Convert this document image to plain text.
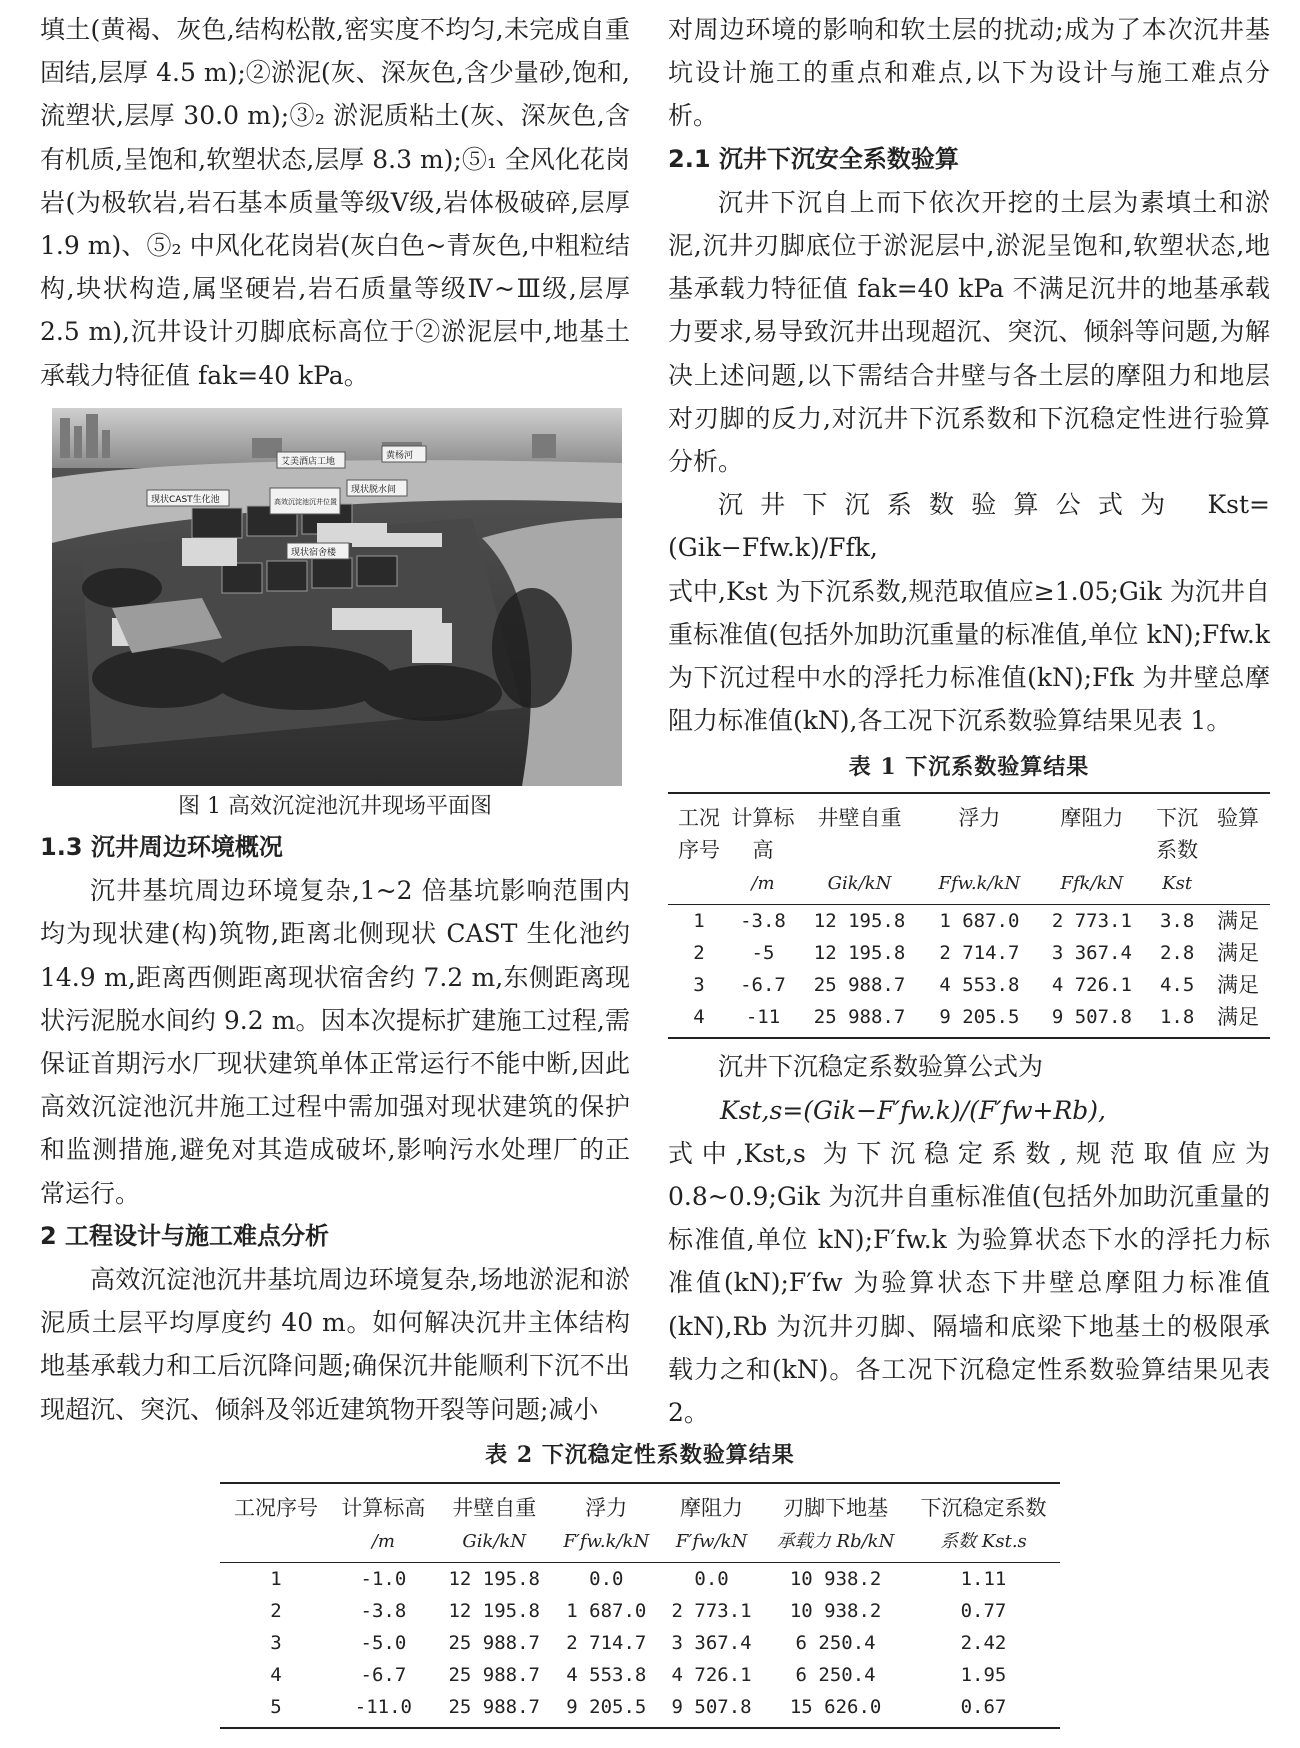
填土(黄褐、灰色,结构松散,密实度不均匀,未完成自重固结,层厚 4.5 m);②淤泥(灰、深灰色,含少量砂,饱和,流塑状,层厚 30.0 m);③₂ 淤泥质粘土(灰、深灰色,含有机质,呈饱和,软塑状态,层厚 8.3 m);⑤₁ 全风化花岗岩(为极软岩,岩石基本质量等级Ⅴ级,岩体极破碎,层厚 1.9 m)、⑤₂ 中风化花岗岩(灰白色~青灰色,中粗粒结构,块状构造,属坚硬岩,岩石质量等级Ⅳ~Ⅲ级,层厚 2.5 m),沉井设计刃脚底标高位于②淤泥层中,地基土承载力特征值 fak=40 kPa。

艾美酒店工地
黄杨河
现状CAST生化池	高效沉淀池沉井位置
现状脱水间
现状宿舍楼
图 1 高效沉淀池沉井现场平面图

1.3 沉井周边环境概况

沉井基坑周边环境复杂,1~2 倍基坑影响范围内均为现状建(构)筑物,距离北侧现状 CAST 生化池约 14.9 m,距离西侧距离现状宿舍约 7.2 m,东侧距离现状污泥脱水间约 9.2 m。因本次提标扩建施工过程,需保证首期污水厂现状建筑单体正常运行不能中断,因此高效沉淀池沉井施工过程中需加强对现状建筑的保护和监测措施,避免对其造成破坏,影响污水处理厂的正常运行。

2 工程设计与施工难点分析

高效沉淀池沉井基坑周边环境复杂,场地淤泥和淤泥质土层平均厚度约 40 m。如何解决沉井主体结构地基承载力和工后沉降问题;确保沉井能顺利下沉不出现超沉、突沉、倾斜及邻近建筑物开裂等问题;减小

对周边环境的影响和软土层的扰动;成为了本次沉井基坑设计施工的重点和难点,以下为设计与施工难点分析。

2.1 沉井下沉安全系数验算

沉井下沉自上而下依次开挖的土层为素填土和淤泥,沉井刃脚底位于淤泥层中,淤泥呈饱和,软塑状态,地基承载力特征值 fak=40 kPa 不满足沉井的地基承载力要求,易导致沉井出现超沉、突沉、倾斜等问题,为解决上述问题,以下需结合井壁与各土层的摩阻力和地层对刃脚的反力,对沉井下沉系数和下沉稳定性进行验算分析。

沉井下沉系数验算公式为 Kst=(Gik−Ffw.k)/Ffk,

式中,Kst 为下沉系数,规范取值应≥1.05;Gik 为沉井自重标准值(包括外加助沉重量的标准值,单位 kN);Ffw.k 为下沉过程中水的浮托力标准值(kN);Ffk 为井壁总摩阻力标准值(kN),各工况下沉系数验算结果见表 1。

表 1 下沉系数验算结果
工况序号	计算标高	井壁自重	浮力	摩阻力	下沉系数	验算
	/m	Gik/kN	Ffw.k/kN	Ffk/kN	Kst	
1	-3.8	12 195.8	1 687.0	2 773.1	3.8	满足
2	-5	12 195.8	2 714.7	3 367.4	2.8	满足
3	-6.7	25 988.7	4 553.8	4 726.1	4.5	满足
4	-11	25 988.7	9 205.5	9 507.8	1.8	满足

沉井下沉稳定系数验算公式为

Kst,s=(Gik−F′fw.k)/(F′fw+Rb),

式中,Kst,s 为下沉稳定系数,规范取值应为 0.8~0.9;Gik 为沉井自重标准值(包括外加助沉重量的标准值,单位 kN);F′fw.k 为验算状态下水的浮托力标准值(kN);F′fw 为验算状态下井壁总摩阻力标准值(kN),Rb 为沉井刃脚、隔墙和底梁下地基土的极限承载力之和(kN)。各工况下沉稳定性系数验算结果见表 2。

表 2 下沉稳定性系数验算结果
工况序号	计算标高	井壁自重	浮力	摩阻力	刃脚下地基	下沉稳定系数
	/m	Gik/kN	F′fw.k/kN	F′fw/kN	承载力 Rb/kN	系数 Kst.s
1	-1.0	12 195.8	0.0	0.0	10 938.2	1.11
2	-3.8	12 195.8	1 687.0	2 773.1	10 938.2	0.77
3	-5.0	25 988.7	2 714.7	3 367.4	6 250.4	2.42
4	-6.7	25 988.7	4 553.8	4 726.1	6 250.4	1.95
5	-11.0	25 988.7	9 205.5	9 507.8	15 626.0	0.67
